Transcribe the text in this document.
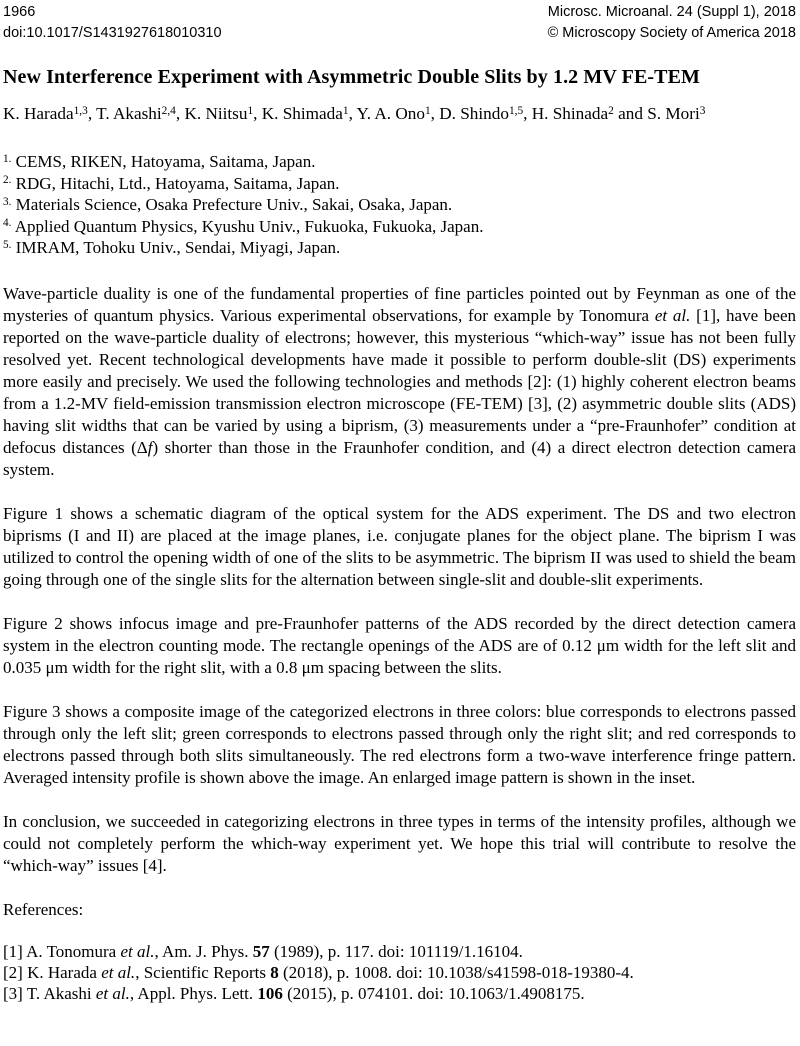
1966
doi:10.1017/S1431927618010310
Microsc. Microanal. 24 (Suppl 1), 2018
© Microscopy Society of America 2018
New Interference Experiment with Asymmetric Double Slits by 1.2 MV FE-TEM
K. Harada$^{1,3}$, T. Akashi$^{2,4}$, K. Niitsu$^1$, K. Shimada$^1$, Y. A. Ono$^1$, D. Shindo$^{1,5}$, H. Shinada$^2$ and S. Mori$^3$
$^{1.}$ CEMS, RIKEN, Hatoyama, Saitama, Japan.
$^{2.}$ RDG, Hitachi, Ltd., Hatoyama, Saitama, Japan.
$^{3.}$ Materials Science, Osaka Prefecture Univ., Sakai, Osaka, Japan.
$^{4.}$ Applied Quantum Physics, Kyushu Univ., Fukuoka, Fukuoka, Japan.
$^{5.}$ IMRAM, Tohoku Univ., Sendai, Miyagi, Japan.

Wave-particle duality is one of the fundamental properties of fine particles pointed out by Feynman as one of the mysteries of quantum physics. Various experimental observations, for example by Tonomura et al. [1], have been reported on the wave-particle duality of electrons; however, this mysterious “which-way” issue has not been fully resolved yet. Recent technological developments have made it possible to perform double-slit (DS) experiments more easily and precisely. We used the following technologies and methods [2]: (1) highly coherent electron beams from a 1.2-MV field-emission transmission electron microscope (FE-TEM) [3], (2) asymmetric double slits (ADS) having slit widths that can be varied by using a biprism, (3) measurements under a “pre-Fraunhofer” condition at defocus distances (Δf) shorter than those in the Fraunhofer condition, and (4) a direct electron detection camera system.

Figure 1 shows a schematic diagram of the optical system for the ADS experiment. The DS and two electron biprisms (I and II) are placed at the image planes, i.e. conjugate planes for the object plane. The biprism I was utilized to control the opening width of one of the slits to be asymmetric. The biprism II was used to shield the beam going through one of the single slits for the alternation between single-slit and double-slit experiments.

Figure 2 shows infocus image and pre-Fraunhofer patterns of the ADS recorded by the direct detection camera system in the electron counting mode. The rectangle openings of the ADS are of 0.12 μm width for the left slit and 0.035 μm width for the right slit, with a 0.8 μm spacing between the slits.

Figure 3 shows a composite image of the categorized electrons in three colors: blue corresponds to electrons passed through only the left slit; green corresponds to electrons passed through only the right slit; and red corresponds to electrons passed through both slits simultaneously. The red electrons form a two-wave interference fringe pattern. Averaged intensity profile is shown above the image. An enlarged image pattern is shown in the inset.

In conclusion, we succeeded in categorizing electrons in three types in terms of the intensity profiles, although we could not completely perform the which-way experiment yet. We hope this trial will contribute to resolve the “which-way” issues [4].

References:
[1] A. Tonomura et al., Am. J. Phys. 57 (1989), p. 117. doi: 101119/1.16104.
[2] K. Harada et al., Scientific Reports 8 (2018), p. 1008. doi: 10.1038/s41598-018-19380-4.
[3] T. Akashi et al., Appl. Phys. Lett. 106 (2015), p. 074101. doi: 10.1063/1.4908175.
